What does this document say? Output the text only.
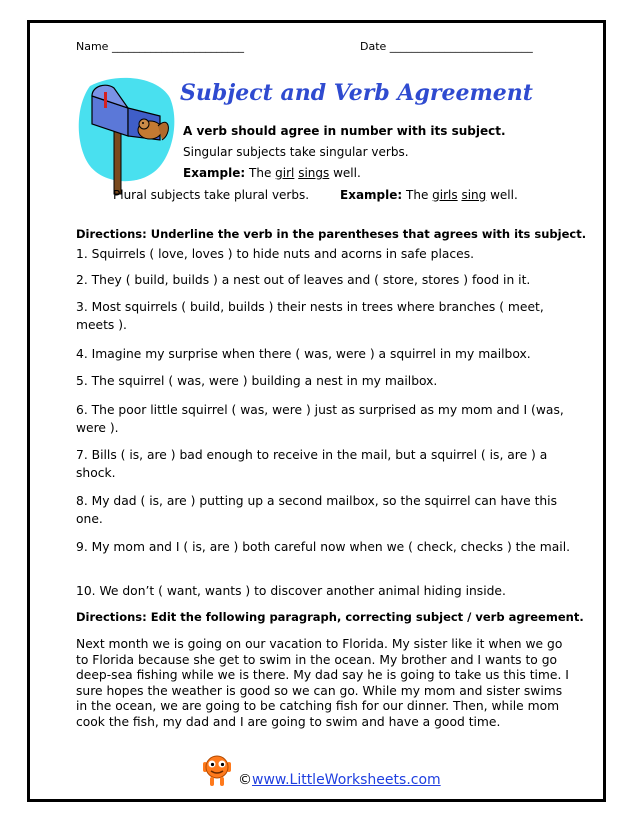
Name ________________________	Date __________________________
Subject and Verb Agreement
A verb should agree in number with its subject.
Singular subjects take singular verbs.
Example: The girl sings well.
Plural subjects take plural verbs.	Example: The girls sing well.
Directions: Underline the verb in the parentheses that agrees with its subject.
1. Squirrels ( love, loves ) to hide nuts and acorns in safe places.
2. They ( build, builds ) a nest out of leaves and ( store, stores ) food in it.
3. Most squirrels ( build, builds ) their nests in trees where branches ( meet, meets ).
4. Imagine my surprise when there ( was, were ) a squirrel in my mailbox.
5. The squirrel ( was, were ) building a nest in my mailbox.
6. The poor little squirrel ( was, were ) just as surprised as my mom and I (was, were ).
7. Bills ( is, are ) bad enough to receive in the mail, but a squirrel ( is, are ) a shock.
8. My dad ( is, are ) putting up a second mailbox, so the squirrel can have this one.
9. My mom and I ( is, are ) both careful now when we ( check, checks ) the mail.
10. We don’t ( want, wants ) to discover another animal hiding inside.
Directions: Edit the following paragraph, correcting subject / verb agreement.
Next month we is going on our vacation to Florida. My sister like it when we go to Florida because she get to swim in the ocean. My brother and I wants to go deep-sea fishing while we is there. My dad say he is going to take us this time. I sure hopes the weather is good so we can go. While my mom and sister swims in the ocean, we are going to be catching fish for our dinner. Then, while mom cook the fish, my dad and I are going to swim and have a good time.
©www.LittleWorksheets.com
